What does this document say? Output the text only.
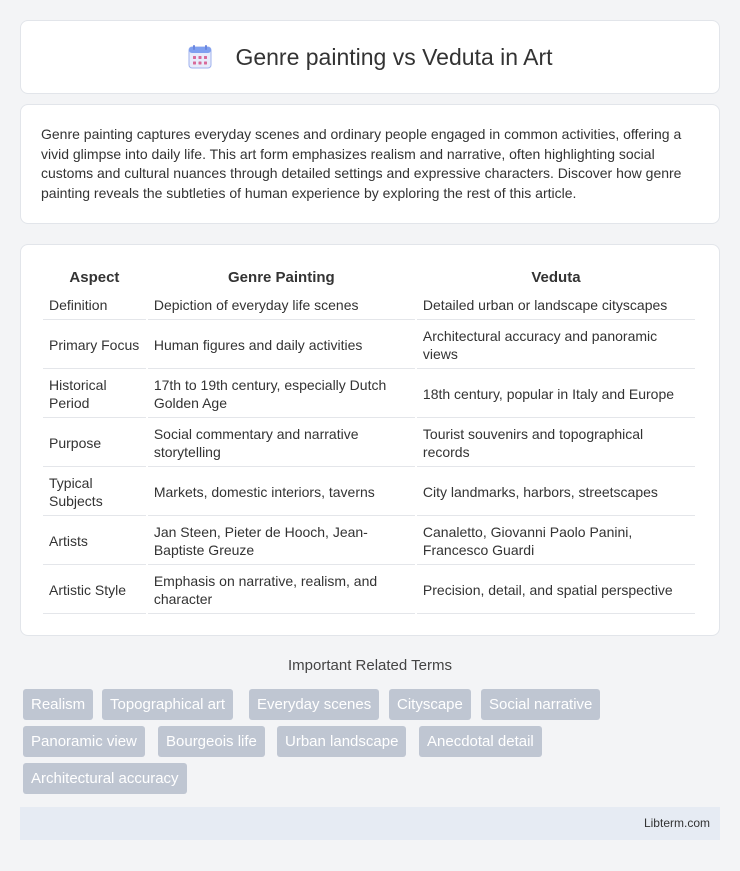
Genre painting vs Veduta in Art

Genre painting captures everyday scenes and ordinary people engaged in common activities, offering a vivid glimpse into daily life. This art form emphasizes realism and narrative, often highlighting social customs and cultural nuances through detailed settings and expressive characters. Discover how genre painting reveals the subtleties of human experience by exploring the rest of this article.

Aspect	Genre Painting	Veduta
Definition	Depiction of everyday life scenes	Detailed urban or landscape cityscapes
Primary Focus	Human figures and daily activities	Architectural accuracy and panoramic views
Historical Period	17th to 19th century, especially Dutch Golden Age	18th century, popular in Italy and Europe
Purpose	Social commentary and narrative storytelling	Tourist souvenirs and topographical records
Typical Subjects	Markets, domestic interiors, taverns	City landmarks, harbors, streetscapes
Artists	Jan Steen, Pieter de Hooch, Jean-Baptiste Greuze	Canaletto, Giovanni Paolo Panini, Francesco Guardi
Artistic Style	Emphasis on narrative, realism, and character	Precision, detail, and spatial perspective
Important Related Terms
Realism	Topographical art	Everyday scenes	Cityscape	Social narrative
Panoramic view	Bourgeois life	Urban landscape	Anecdotal detail
Architectural accuracy
Libterm.com
